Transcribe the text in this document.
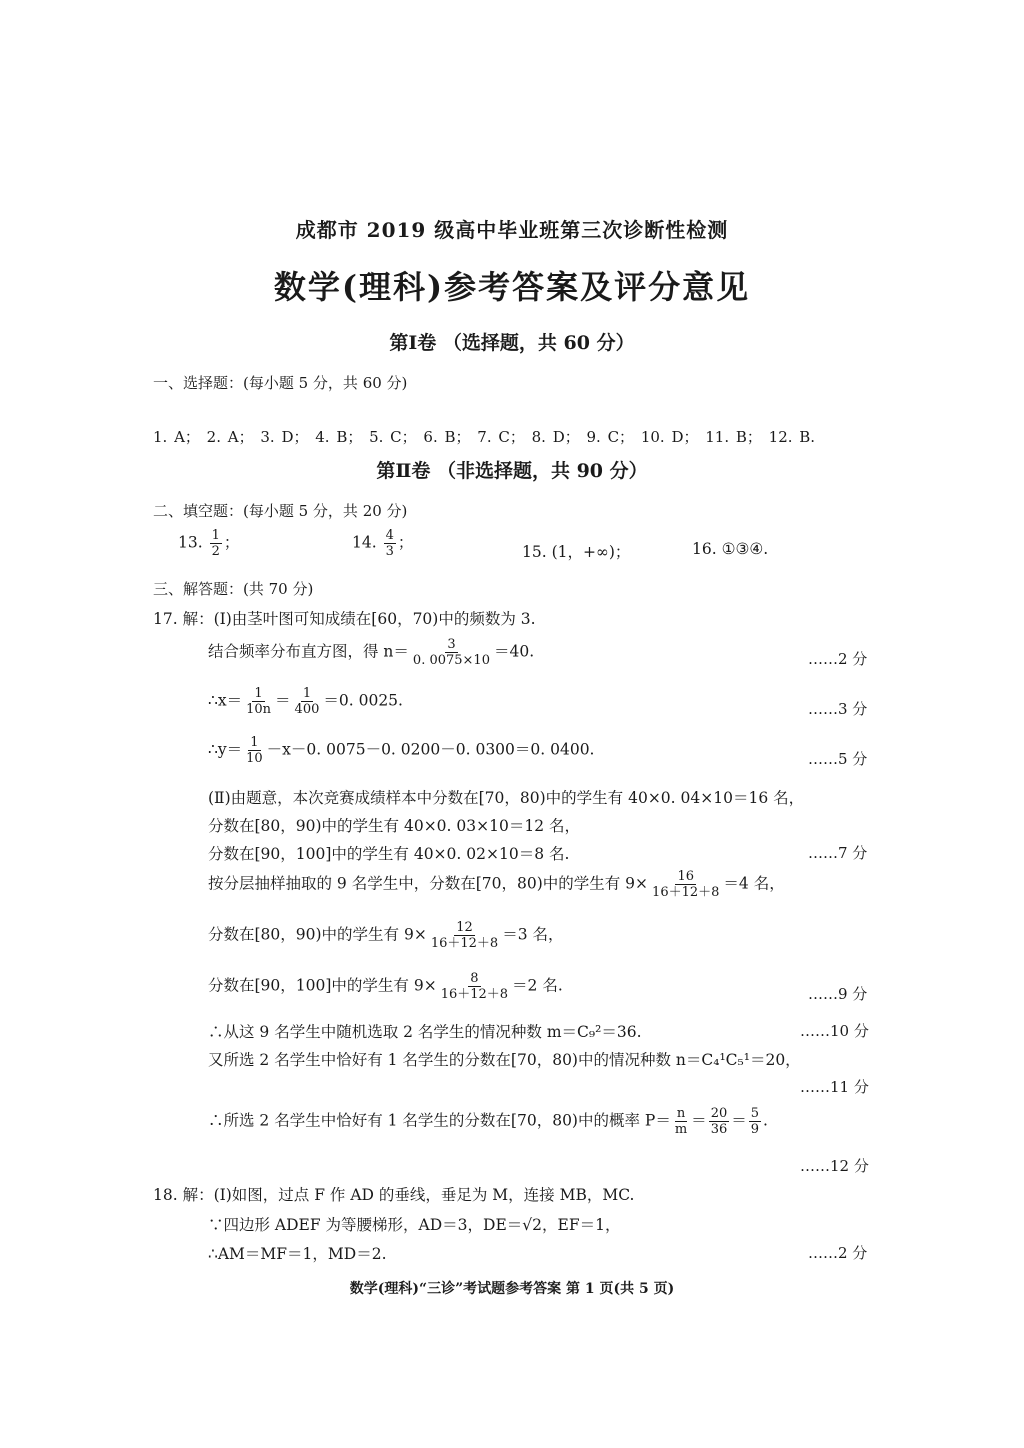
成都市 2019 级高中毕业班第三次诊断性检测
数学(理科)参考答案及评分意见
第Ⅰ卷 （选择题，共 60 分）
一、选择题：(每小题 5 分，共 60 分)
1. A； 2. A； 3. D； 4. B； 5. C； 6. B； 7. C； 8. D； 9. C； 10. D； 11. B； 12. B.
第Ⅱ卷 （非选择题，共 90 分）
二、填空题：(每小题 5 分，共 20 分)
13. $\frac{1}{2}$ ；	14. $\frac{4}{3}$ ；
15. (1，+∞)；	16. ①③④.
三、解答题：(共 70 分)
17. 解：(Ⅰ)由茎叶图可知成绩在[60，70)中的频数为 3.
结合频率分布直方图，得 $n= \frac{3}{0. 0075\times 10} =40$.	……2 分
∴x＝ $\frac{1}{10n} = \frac{1}{400} =0$. 0025.	……3 分
∴y＝ $\frac{1}{10} -x-0$. 0075－0. 0200－0. 0300＝0. 0400.
……5 分
(Ⅱ)由题意，本次竞赛成绩样本中分数在[70，80)中的学生有 40×0. 04×10＝16 名，
分数在[80，90)中的学生有 40×0. 03×10＝12 名，
分数在[90，100]中的学生有 40×0. 02×10＝8 名.	……7 分
按分层抽样抽取的 9 名学生中，分数在[70，80)中的学生有 $9\times \frac{16}{16+12+8} =4$ 名，
分数在[80，90)中的学生有 $9\times \frac{12}{16+12+8} =3$ 名，
分数在[90，100]中的学生有 $9\times \frac{8}{16+12+8} =2$ 名.	……9 分
∴从这 9 名学生中随机选取 2 名学生的情况种数 m＝C₉²＝36.	……10 分
又所选 2 名学生中恰好有 1 名学生的分数在[70，80)中的情况种数 n＝C₄¹C₅¹＝20，
……11 分
∴所选 2 名学生中恰好有 1 名学生的分数在[70，80)中的概率 $P= \frac{n}{m} = \frac{20}{36} = \frac{5}{9}$ .
……12 分
18. 解：(Ⅰ)如图，过点 F 作 AD 的垂线，垂足为 M，连接 MB，MC.
∵四边形 ADEF 为等腰梯形，AD＝3，DE＝√2，EF＝1，
∴AM＝MF＝1，MD＝2.	……2 分
数学(理科)“三诊”考试题参考答案 第 1 页(共 5 页)
